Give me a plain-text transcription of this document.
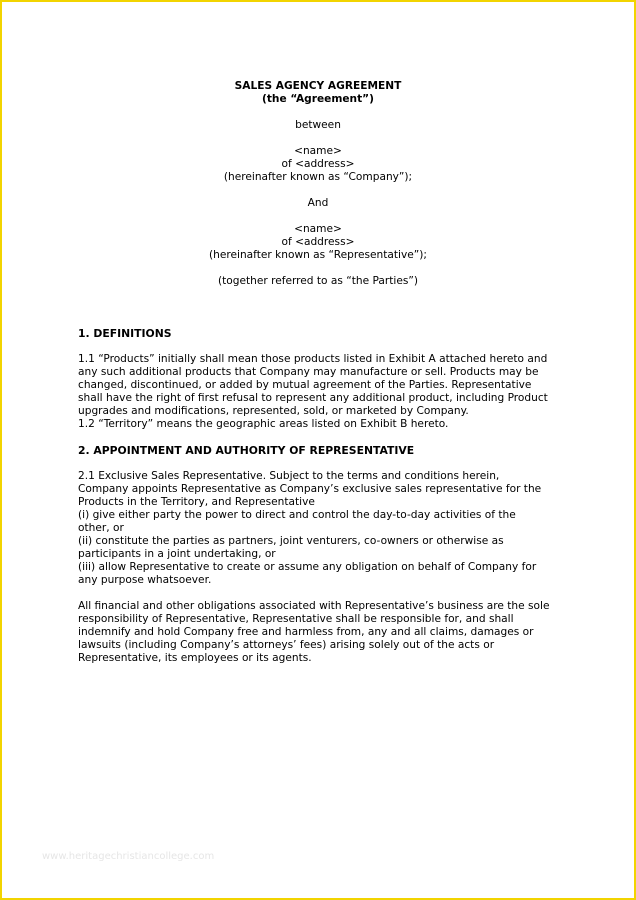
SALES AGENCY AGREEMENT
(the “Agreement”)
between
<name>
of <address>
(hereinafter known as “Company”);
And
<name>
of <address>
(hereinafter known as “Representative”);
(together referred to as “the Parties”)
1. DEFINITIONS
1.1 “Products” initially shall mean those products listed in Exhibit A attached hereto and
any such additional products that Company may manufacture or sell. Products may be
changed, discontinued, or added by mutual agreement of the Parties. Representative
shall have the right of first refusal to represent any additional product, including Product
upgrades and modifications, represented, sold, or marketed by Company.
1.2 “Territory” means the geographic areas listed on Exhibit B hereto.
2. APPOINTMENT AND AUTHORITY OF REPRESENTATIVE
2.1 Exclusive Sales Representative. Subject to the terms and conditions herein,
Company appoints Representative as Company’s exclusive sales representative for the
Products in the Territory, and Representative
(i) give either party the power to direct and control the day-to-day activities of the
other, or
(ii) constitute the parties as partners, joint venturers, co-owners or otherwise as
participants in a joint undertaking, or
(iii) allow Representative to create or assume any obligation on behalf of Company for
any purpose whatsoever.
All financial and other obligations associated with Representative’s business are the sole
responsibility of Representative, Representative shall be responsible for, and shall
indemnify and hold Company free and harmless from, any and all claims, damages or
lawsuits (including Company’s attorneys’ fees) arising solely out of the acts or
Representative, its employees or its agents.
www.heritagechristiancollege.com
